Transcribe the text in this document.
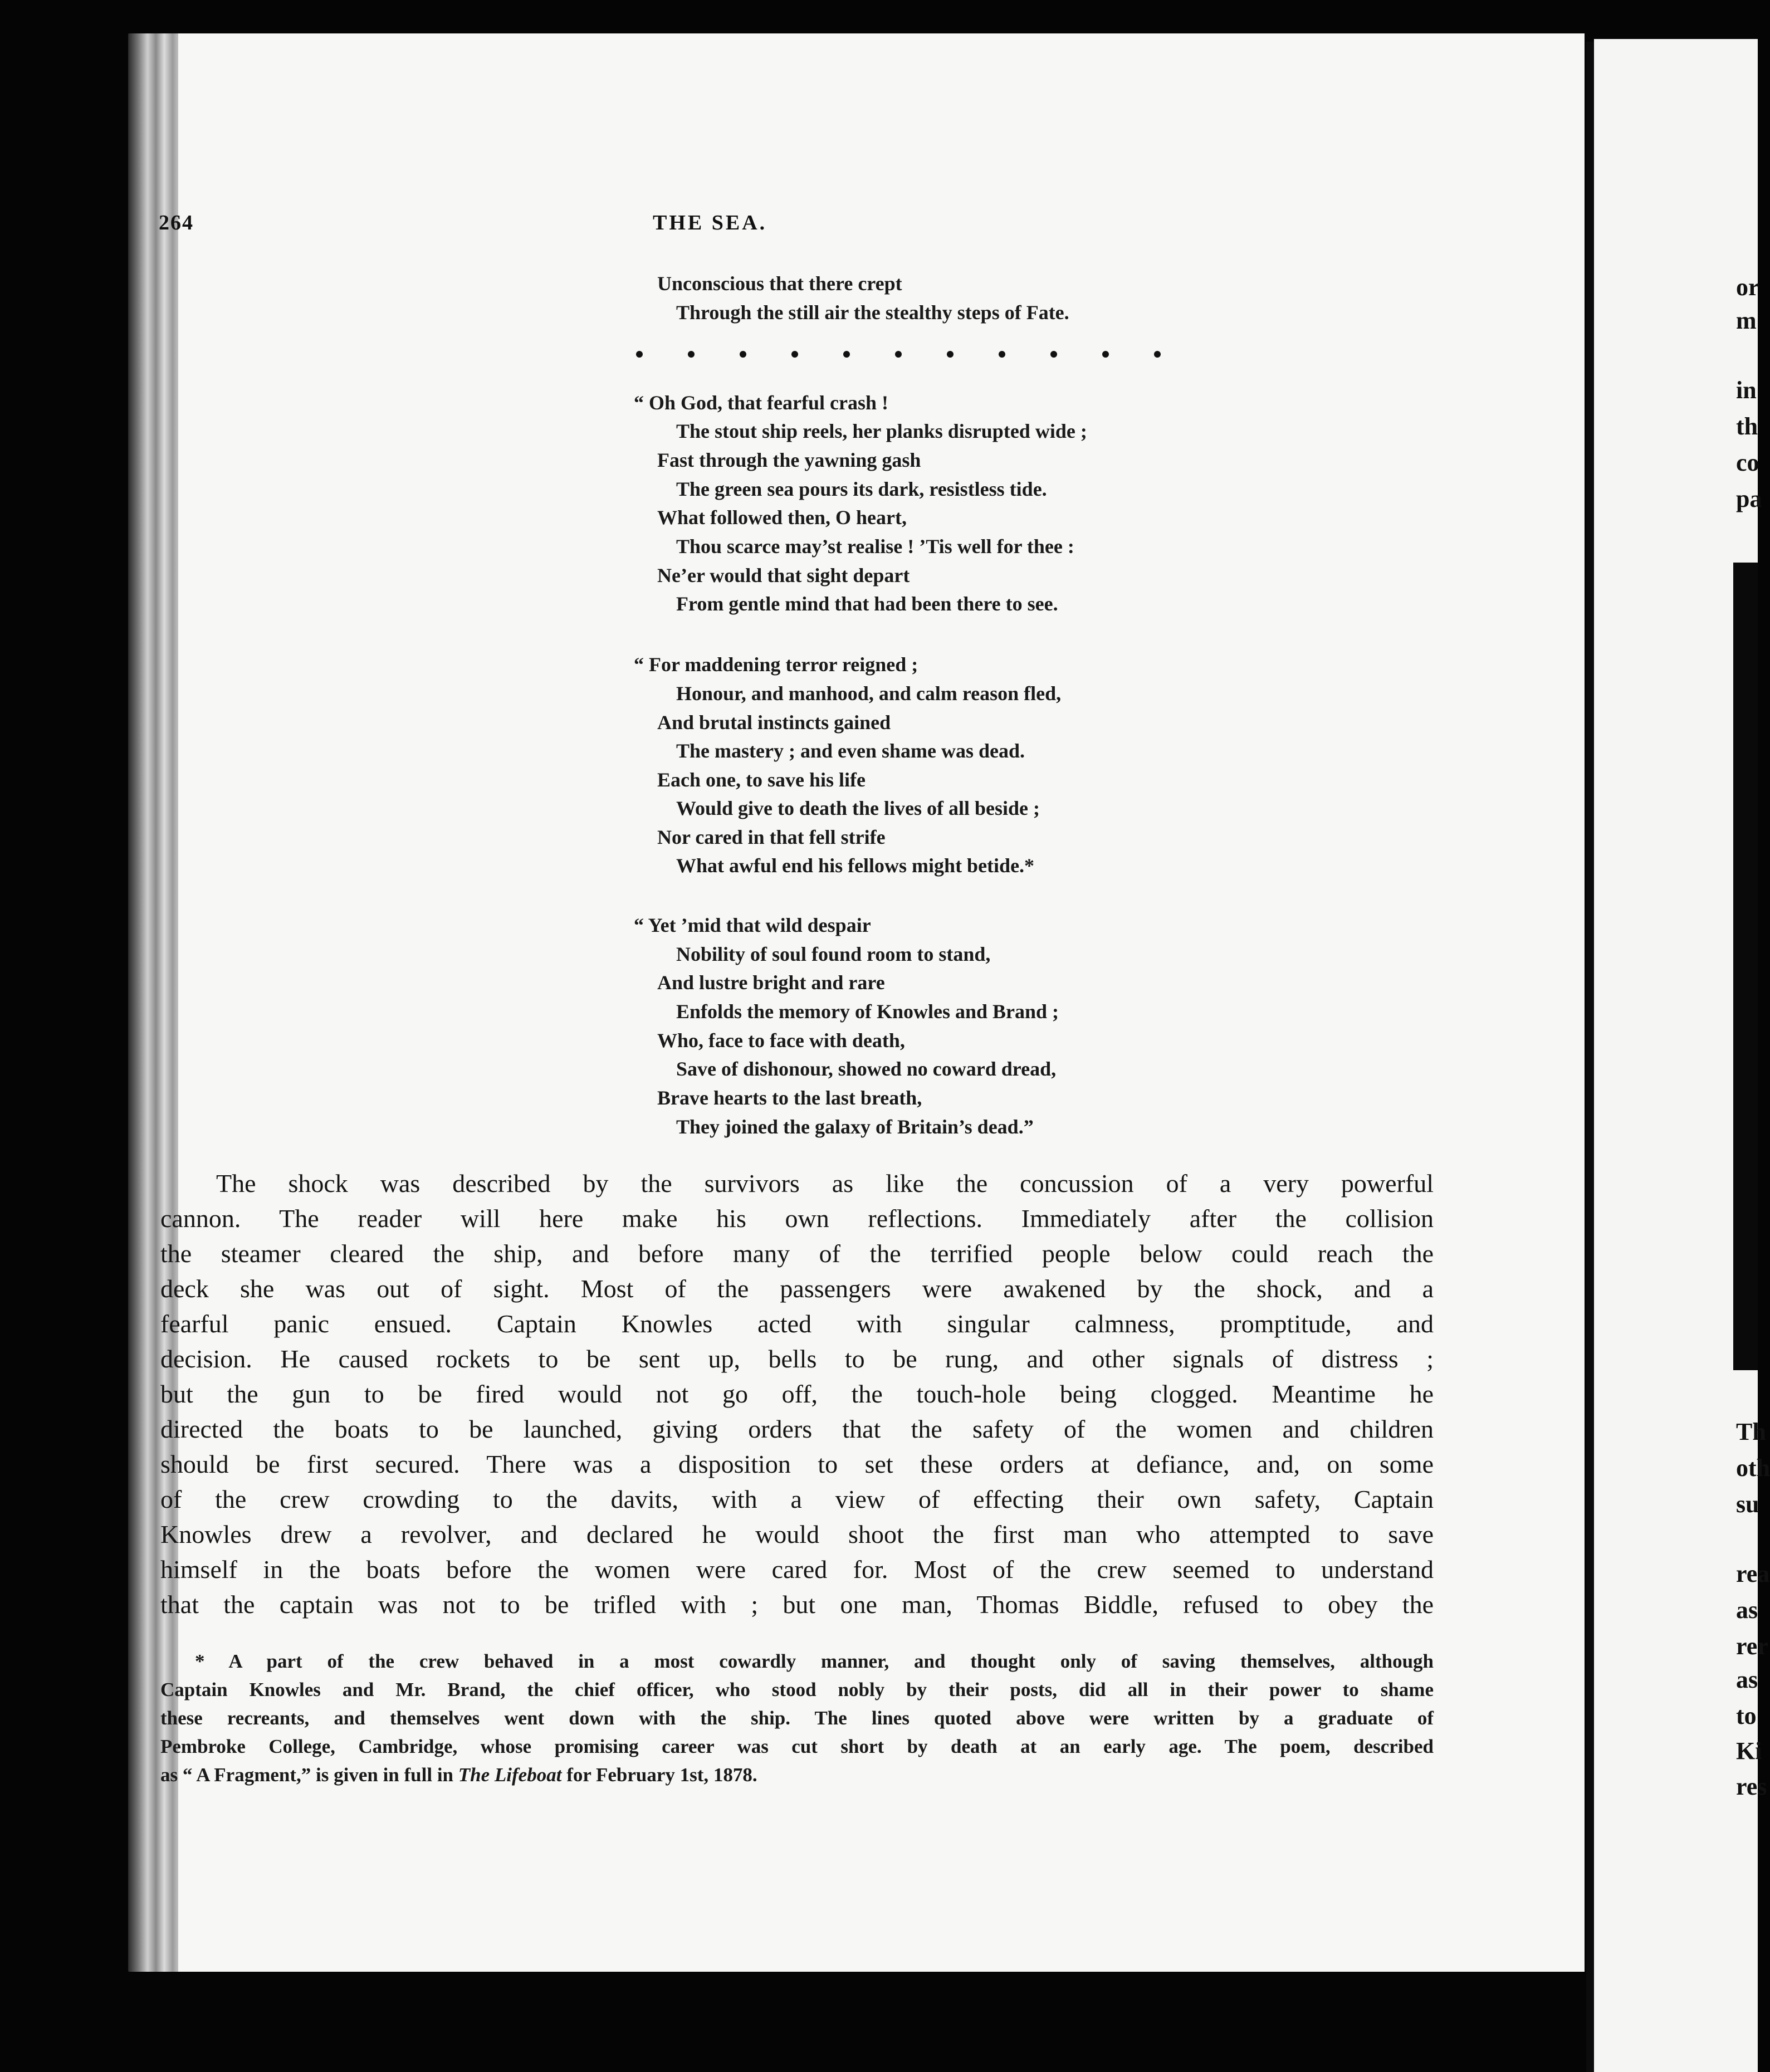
or
m
in
th
co
pa
Th
oth
su
rea
as
rer
as
to
Ki
res
264	THE SEA.
Unconscious that there crept
Through the still air the stealthy steps of Fate.
“ Oh God, that fearful crash !
The stout ship reels, her planks disrupted wide ;
Fast through the yawning gash
The green sea pours its dark, resistless tide.
What followed then, O heart,
Thou scarce may’st realise ! ’Tis well for thee :
Ne’er would that sight depart
From gentle mind that had been there to see.
“ For maddening terror reigned ;
Honour, and manhood, and calm reason fled,
And brutal instincts gained
The mastery ; and even shame was dead.
Each one, to save his life
Would give to death the lives of all beside ;
Nor cared in that fell strife
What awful end his fellows might betide.*
“ Yet ’mid that wild despair
Nobility of soul found room to stand,
And lustre bright and rare
Enfolds the memory of Knowles and Brand ;
Who, face to face with death,
Save of dishonour, showed no coward dread,
Brave hearts to the last breath,
They joined the galaxy of Britain’s dead.”
The shock was described by the survivors as like the concussion of a very powerful
cannon. The reader will here make his own reflections. Immediately after the collision
the steamer cleared the ship, and before many of the terrified people below could reach the
deck she was out of sight. Most of the passengers were awakened by the shock, and a
fearful panic ensued. Captain Knowles acted with singular calmness, promptitude, and
decision. He caused rockets to be sent up, bells to be rung, and other signals of distress ;
but the gun to be fired would not go off, the touch-hole being clogged. Meantime he
directed the boats to be launched, giving orders that the safety of the women and children
should be first secured. There was a disposition to set these orders at defiance, and, on some
of the crew crowding to the davits, with a view of effecting their own safety, Captain
Knowles drew a revolver, and declared he would shoot the first man who attempted to save
himself in the boats before the women were cared for. Most of the crew seemed to understand
that the captain was not to be trifled with ; but one man, Thomas Biddle, refused to obey the
* A part of the crew behaved in a most cowardly manner, and thought only of saving themselves, although
Captain Knowles and Mr. Brand, the chief officer, who stood nobly by their posts, did all in their power to shame
these recreants, and themselves went down with the ship. The lines quoted above were written by a graduate of
Pembroke College, Cambridge, whose promising career was cut short by death at an early age. The poem, described
as “ A Fragment,” is given in full in The Lifeboat for February 1st, 1878.
